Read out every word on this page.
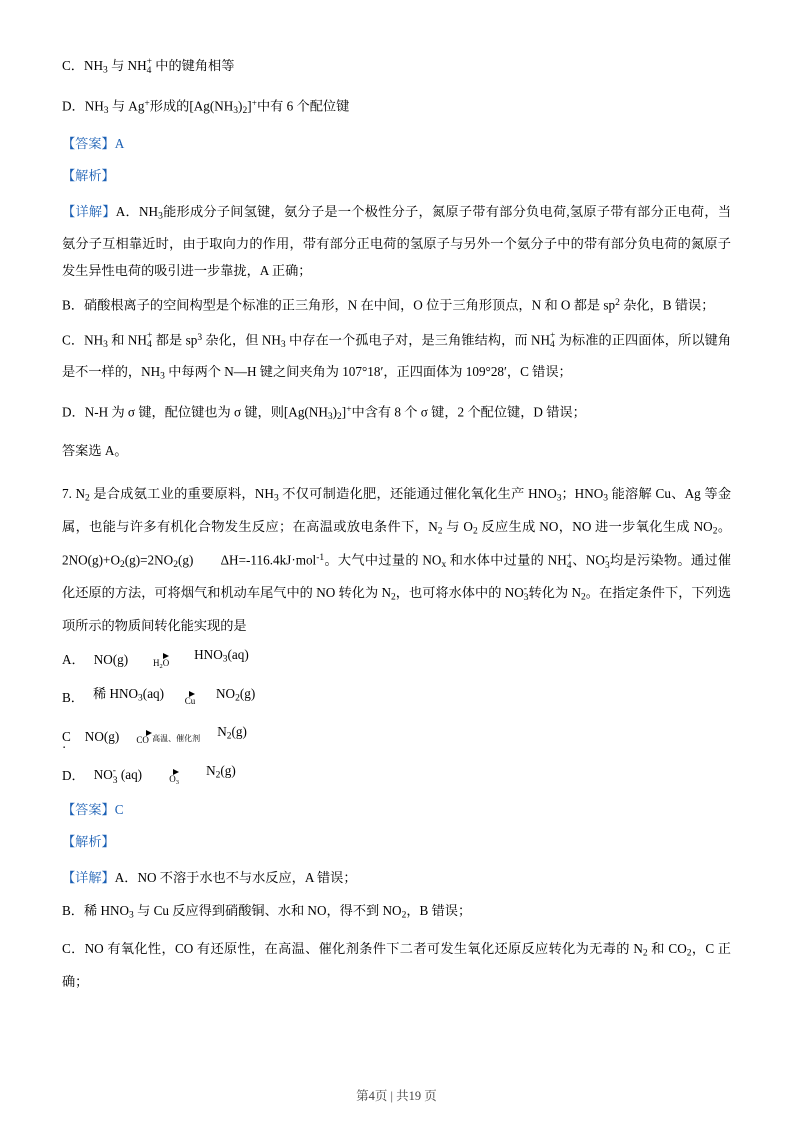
C．$NH_3$ 与 NH +
4 中的键角相等
D．$NH_3$ 与 Ag+形成的$[Ag(NH_3)_2]^+$中有 6 个配位键
【答案】A
【解析】
【详解】A．$NH_3$能形成分子间氢键，氨分子是一个极性分子，氮原子带有部分负电荷,氢原子带有部分正电荷，当氨分子互相靠近时，由于取向力的作用，带有部分正电荷的氢原子与另外一个氨分子中的带有部分负电荷的氮原子发生异性电荷的吸引进一步靠拢，A 正确；
B．硝酸根离子的空间构型是个标准的正三角形，N 在中间，O 位于三角形顶点，N 和 O 都是 $sp^2$ 杂化，B 错误；
C．$NH_3$ 和 NH +
4 都是 $sp^3$ 杂化，但 $NH_3$ 中存在一个孤电子对，是三角锥结构，而 NH +
4 为标准的正四面体，所以键角是不一样的，$NH_3$ 中每两个 N—H 键之间夹角为 107°18′，正四面体为 109°28′，C 错误；
D．N-H 为 σ 键，配位键也为 σ 键，则$[Ag(NH_3)_2]^+$中含有 8 个 σ 键，2 个配位键，D 错误；
答案选 A。
7. $N_2$ 是合成氨工业的重要原料，$NH_3$ 不仅可制造化肥，还能通过催化氧化生产 $HNO_3$；$HNO_3$ 能溶解 Cu、Ag 等金属，也能与许多有机化合物发生反应；在高温或放电条件下，$N_2$ 与 $O_2$ 反应生成 NO，NO 进一步氧化生成 $NO_2$。$2NO(g)+O_2(g)=2NO_2(g)$　　ΔH=-116.4kJ·mol$^{-1}$。大气中过量的 $NO_x$ 和水体中过量的 NH +
4 、NO -
3 均是污染物。通过催化还原的方法，可将烟气和机动车尾气中的 NO 转化为 $N_2$，也可将水体中的 NO -
3 转化为 $N_2$。在指定条件下，下列选项所示的物质间转化能实现的是
A． NO(g)	$H_2O$
$HNO_3(aq)$
B． 稀 $HNO_3(aq)$
Cu
$NO_2(g)$
C . NO(g)	CO 高温、催化剂	$N_2(g)$
D． NO -
3 (aq)	$O_3$
$N_2(g)$
【答案】C
【解析】
【详解】A．NO 不溶于水也不与水反应，A 错误；
B．稀 $HNO_3$ 与 Cu 反应得到硝酸铜、水和 NO，得不到 $NO_2$，B 错误；
C．NO 有氧化性，CO 有还原性，在高温、催化剂条件下二者可发生氧化还原反应转化为无毒的 $N_2$ 和 $CO_2$，C 正确；
第4页 | 共19 页
